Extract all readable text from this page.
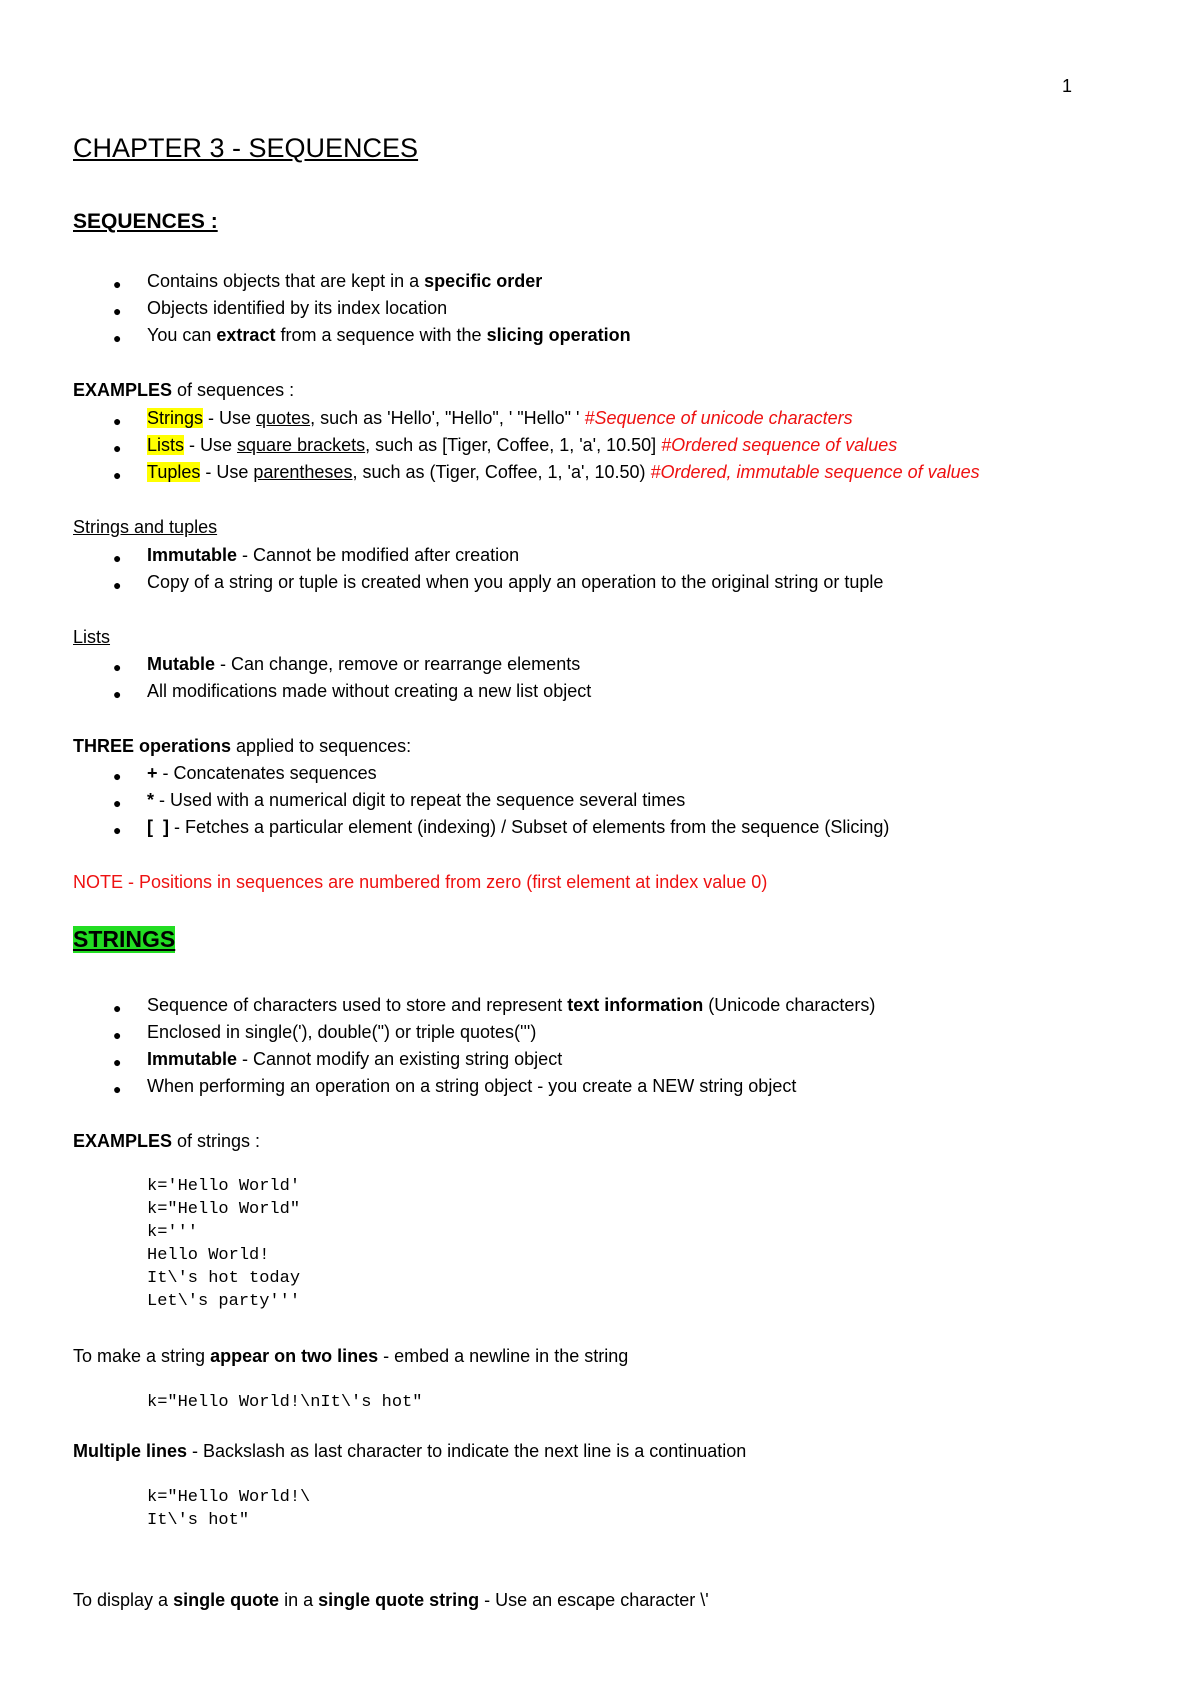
1
CHAPTER 3 - SEQUENCES
SEQUENCES :
● Contains objects that are kept in a specific order
● Objects identified by its index location
● You can extract from a sequence with the slicing operation
EXAMPLES of sequences :
● Strings - Use quotes, such as 'Hello', "Hello", ' "Hello" ' #Sequence of unicode characters
● Lists - Use square brackets, such as [Tiger, Coffee, 1, 'a', 10.50] #Ordered sequence of values
● Tuples - Use parentheses, such as (Tiger, Coffee, 1, 'a', 10.50) #Ordered, immutable sequence of values
Strings and tuples
● Immutable - Cannot be modified after creation
● Copy of a string or tuple is created when you apply an operation to the original string or tuple
Lists
● Mutable - Can change, remove or rearrange elements
● All modifications made without creating a new list object
THREE operations applied to sequences:
● + - Concatenates sequences
● * - Used with a numerical digit to repeat the sequence several times
● [  ] - Fetches a particular element (indexing) / Subset of elements from the sequence (Slicing)
NOTE - Positions in sequences are numbered from zero (first element at index value 0)
STRINGS
● Sequence of characters used to store and represent text information (Unicode characters)
● Enclosed in single('), double(") or triple quotes(''')
● Immutable - Cannot modify an existing string object
● When performing an operation on a string object - you create a NEW string object
EXAMPLES of strings :
k='Hello World'
k="Hello World"
k='''
Hello World!
It\'s hot today
Let\'s party'''
To make a string appear on two lines - embed a newline in the string
k="Hello World!\nIt\'s hot"
Multiple lines - Backslash as last character to indicate the next line is a continuation
k="Hello World!\
It\'s hot"
To display a single quote in a single quote string - Use an escape character \'
